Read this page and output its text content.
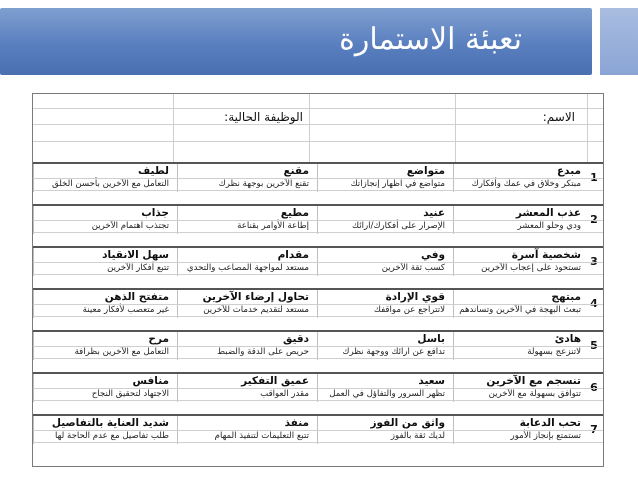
تعبئة الاستمارة
الاسم:
الوظيفة الحالية:
1
مبدع
مبتكر وخلاق في عمك وأفكارك
متواضع
متواضع في اظهار إنجازاتك
مقنع
تقنع الآخرين بوجهة نظرك
لطيف
التعامل مع الآخرين بأحسن الخلق
2
عذب المعشر
ودي وحلو المعشر
عنيد
الإصرار على أفكارك/آرائك
مطيع
إطاعة الأوامر بقناعة
جذاب
تجتذب اهتمام الآخرين
3
شخصية آسرة
تستحوذ على إعجاب الآخرين
وفي
كسب ثقة الآخرين
مقدام
مستعد لمواجهة المصاعب والتحدي
سهل الانقياد
تتبع أفكار الآخرين
4
مبتهج
تبعث البهجة في الآخرين وتساندهم
قوي الإرادة
لاتتراجع عن مواقفك
تحاول إرضاء الآخرين
مستعد لتقديم خدمات للآخرين
متفتح الذهن
غير متعصب لأفكار معينة
5
هادئ
لاتنزعج بسهولة
باسل
تدافع عن آرائك ووجهة نظرك
دقيق
حريص على الدقة والضبط
مرح
التعامل مع الآخرين بظرافة
6
تنسجم مع الآخرين
تتوافق بسهولة مع الآخرين
سعيد
تظهر السرور والتفاؤل في العمل
عميق التفكير
مقدر العواقب
منافس
الاجتهاد لتحقيق النجاح
7
تحب الدعابة
تستمتع بإنجاز الأمور
واثق من الفوز
لديك ثقة بالفوز
منفذ
تتبع التعليمات لتنفيذ المهام
شديد العناية بالتفاصيل
طلب تفاصيل مع عدم الحاجة لها
